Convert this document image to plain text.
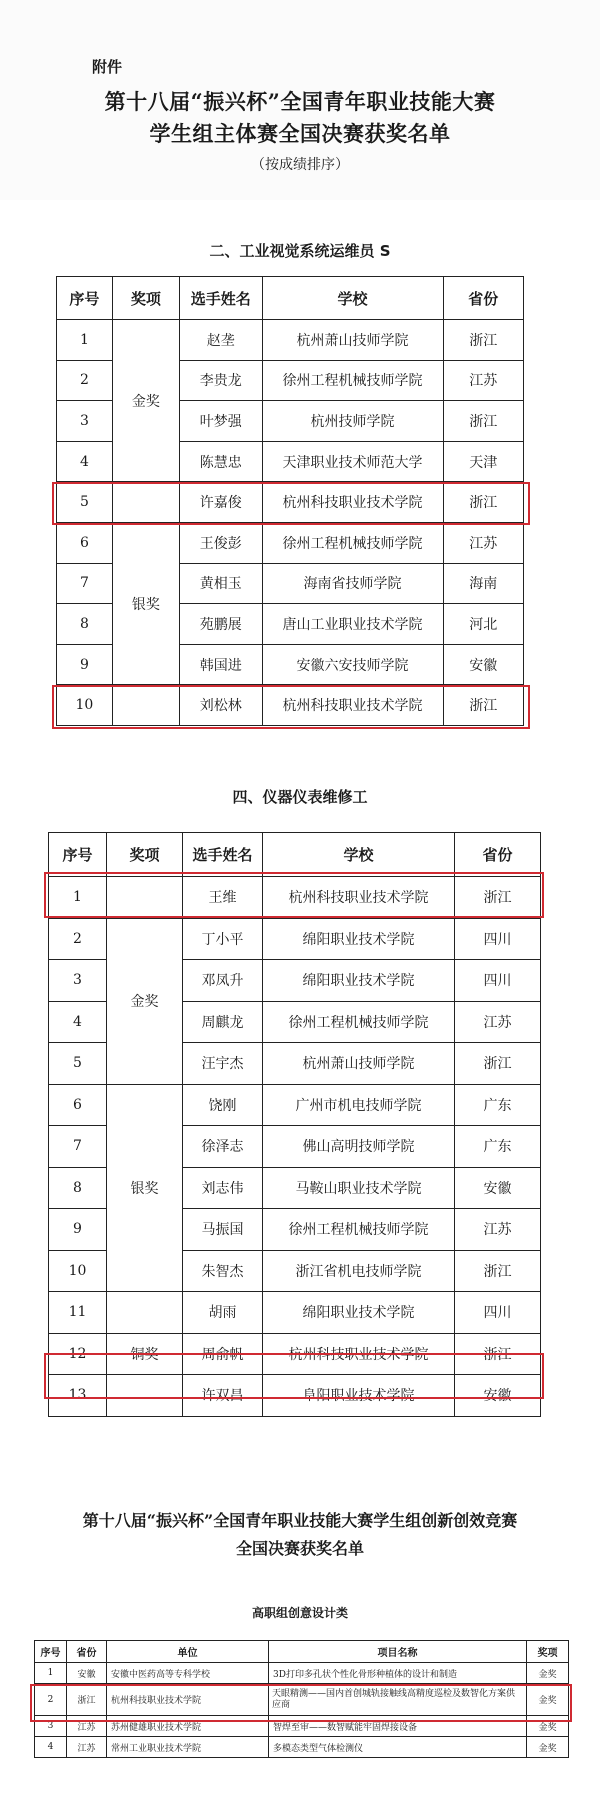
附件
第十八届“振兴杯”全国青年职业技能大赛
学生组主体赛全国决赛获奖名单
（按成绩排序）
二、工业视觉系统运维员 S
序号	奖项	选手姓名	学校	省份
1	金奖	赵垄	杭州萧山技师学院	浙江
2		李贵龙	徐州工程机械技师学院	江苏
3		叶梦强	杭州技师学院	浙江
4		陈慧忠	天津职业技术师范大学	天津
5		许嘉俊	杭州科技职业技术学院	浙江
6	银奖	王俊彭	徐州工程机械技师学院	江苏
7		黄相玉	海南省技师学院	海南
8		苑鹏展	唐山工业职业技术学院	河北
9		韩国进	安徽六安技师学院	安徽
10		刘松林	杭州科技职业技术学院	浙江
四、仪器仪表维修工
序号	奖项	选手姓名	学校	省份
1		王维	杭州科技职业技术学院	浙江
2	金奖	丁小平	绵阳职业技术学院	四川
3		邓凤升	绵阳职业技术学院	四川
4		周麒龙	徐州工程机械技师学院	江苏
5		汪宇杰	杭州萧山技师学院	浙江
6	银奖	饶刚	广州市机电技师学院	广东
7		徐泽志	佛山高明技师学院	广东
8		刘志伟	马鞍山职业技术学院	安徽
9		马振国	徐州工程机械技师学院	江苏
10		朱智杰	浙江省机电技师学院	浙江
11		胡雨	绵阳职业技术学院	四川
12	铜奖	周俞帆	杭州科技职业技术学院	浙江
13		许双昌	阜阳职业技术学院	安徽
第十八届“振兴杯”全国青年职业技能大赛学生组创新创效竞赛
全国决赛获奖名单
高职组创意设计类
序号	省份	单位	项目名称	奖项
1	安徽	安徽中医药高等专科学校	3D打印多孔状个性化骨形种植体的设计和制造	金奖
2	浙江	杭州科技职业技术学院	天眼精测——国内首创城轨接触线高精度巡检及数智化方案供应商	金奖
3	江苏	苏州健雄职业技术学院	智焊至审——数智赋能牢固焊接设备	金奖
4	江苏	常州工业职业技术学院	多模态类型气体检测仪	金奖
